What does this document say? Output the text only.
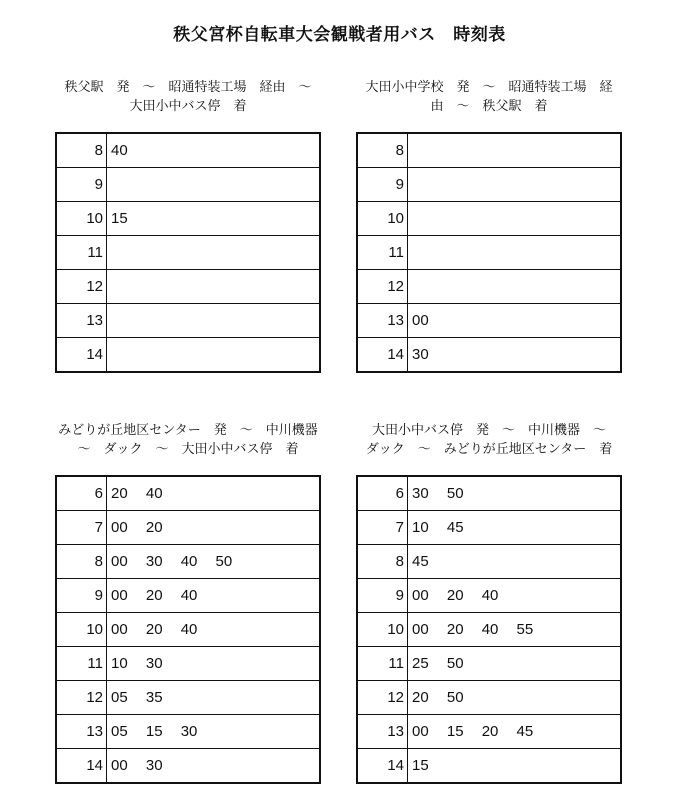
秩父宮杯自転車大会観戦者用バス　時刻表
秩父駅　発　～　昭通特装工場　経由　～
大田小中バス停　着
8	40
9	
10	15
11	
12	
13	
14	
大田小中学校　発　～　昭通特装工場　経
由　～　秩父駅　着
8	
9	
10	
11	
12	
13	00
14	30
みどりが丘地区センター　発　～　中川機器
～　ダック　～　大田小中バス停　着
6	20 40
7	00 20
8	00 30 40 50
9	00 20 40
10	00 20 40
11	10 30
12	05 35
13	05 15 30
14	00 30
大田小中バス停　発　～　中川機器　～
ダック　～　みどりが丘地区センター　着
6	30 50
7	10 45
8	45
9	00 20 40
10	00 20 40 55
11	25 50
12	20 50
13	00 15 20 45
14	15
